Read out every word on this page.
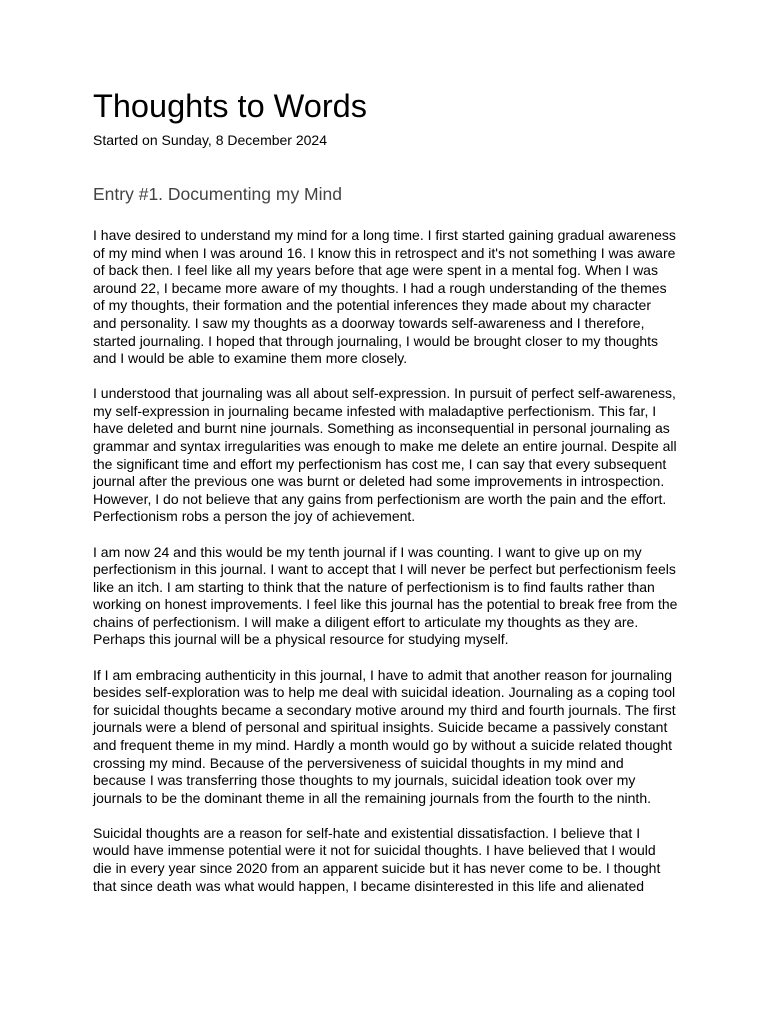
Thoughts to Words

Started on Sunday, 8 December 2024

Entry #1. Documenting my Mind

I have desired to understand my mind for a long time. I first started gaining gradual awareness of my mind when I was around 16. I know this in retrospect and it's not something I was aware of back then. I feel like all my years before that age were spent in a mental fog. When I was around 22, I became more aware of my thoughts. I had a rough understanding of the themes of my thoughts, their formation and the potential inferences they made about my character and personality. I saw my thoughts as a doorway towards self-awareness and I therefore, started journaling. I hoped that through journaling, I would be brought closer to my thoughts and I would be able to examine them more closely.

I understood that journaling was all about self-expression. In pursuit of perfect self-awareness, my self-expression in journaling became infested with maladaptive perfectionism. This far, I have deleted and burnt nine journals. Something as inconsequential in personal journaling as grammar and syntax irregularities was enough to make me delete an entire journal. Despite all the significant time and effort my perfectionism has cost me, I can say that every subsequent journal after the previous one was burnt or deleted had some improvements in introspection. However, I do not believe that any gains from perfectionism are worth the pain and the effort. Perfectionism robs a person the joy of achievement.

I am now 24 and this would be my tenth journal if I was counting. I want to give up on my perfectionism in this journal. I want to accept that I will never be perfect but perfectionism feels like an itch. I am starting to think that the nature of perfectionism is to find faults rather than working on honest improvements. I feel like this journal has the potential to break free from the chains of perfectionism. I will make a diligent effort to articulate my thoughts as they are. Perhaps this journal will be a physical resource for studying myself.

If I am embracing authenticity in this journal, I have to admit that another reason for journaling besides self-exploration was to help me deal with suicidal ideation. Journaling as a coping tool for suicidal thoughts became a secondary motive around my third and fourth journals. The first journals were a blend of personal and spiritual insights. Suicide became a passively constant and frequent theme in my mind. Hardly a month would go by without a suicide related thought crossing my mind. Because of the perversiveness of suicidal thoughts in my mind and because I was transferring those thoughts to my journals, suicidal ideation took over my journals to be the dominant theme in all the remaining journals from the fourth to the ninth.

Suicidal thoughts are a reason for self-hate and existential dissatisfaction. I believe that I would have immense potential were it not for suicidal thoughts. I have believed that I would die in every year since 2020 from an apparent suicide but it has never come to be. I thought that since death was what would happen, I became disinterested in this life and alienated
